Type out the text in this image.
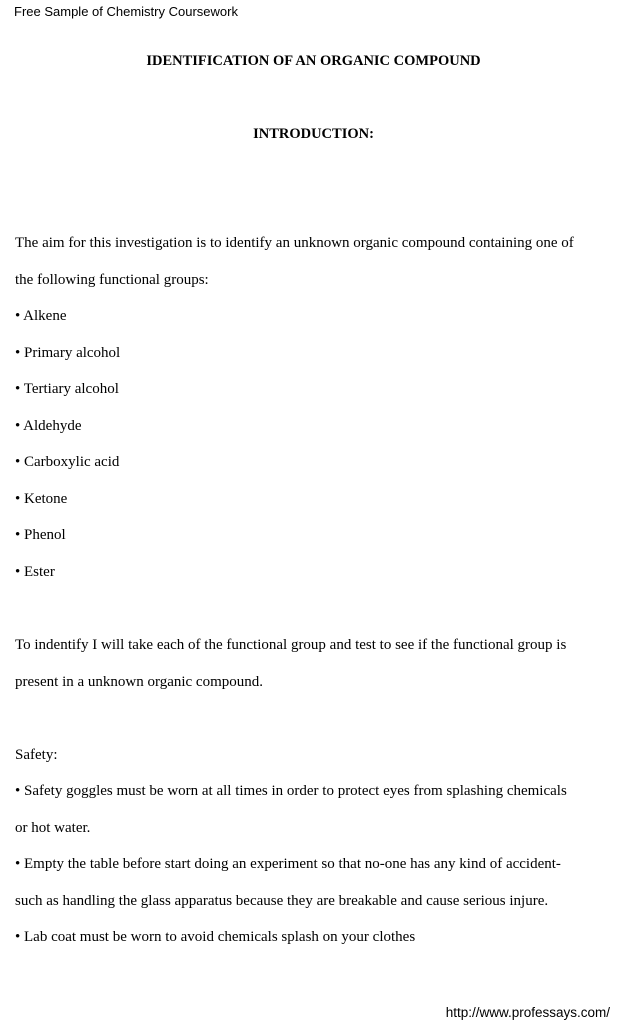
Free Sample of Chemistry Coursework
IDENTIFICATION OF AN ORGANIC COMPOUND
INTRODUCTION:
The aim for this investigation is to identify an unknown organic compound containing one of
the following functional groups:
• Alkene
• Primary alcohol
• Tertiary alcohol
• Aldehyde
• Carboxylic acid
• Ketone
• Phenol
• Ester
To indentify I will take each of the functional group and test to see if the functional group is
present in a unknown organic compound.
Safety:
• Safety goggles must be worn at all times in order to protect eyes from splashing chemicals
or hot water.
• Empty the table before start doing an experiment so that no-one has any kind of accident-
such as handling the glass apparatus because they are breakable and cause serious injure.
• Lab coat must be worn to avoid chemicals splash on your clothes
http://www.professays.com/
